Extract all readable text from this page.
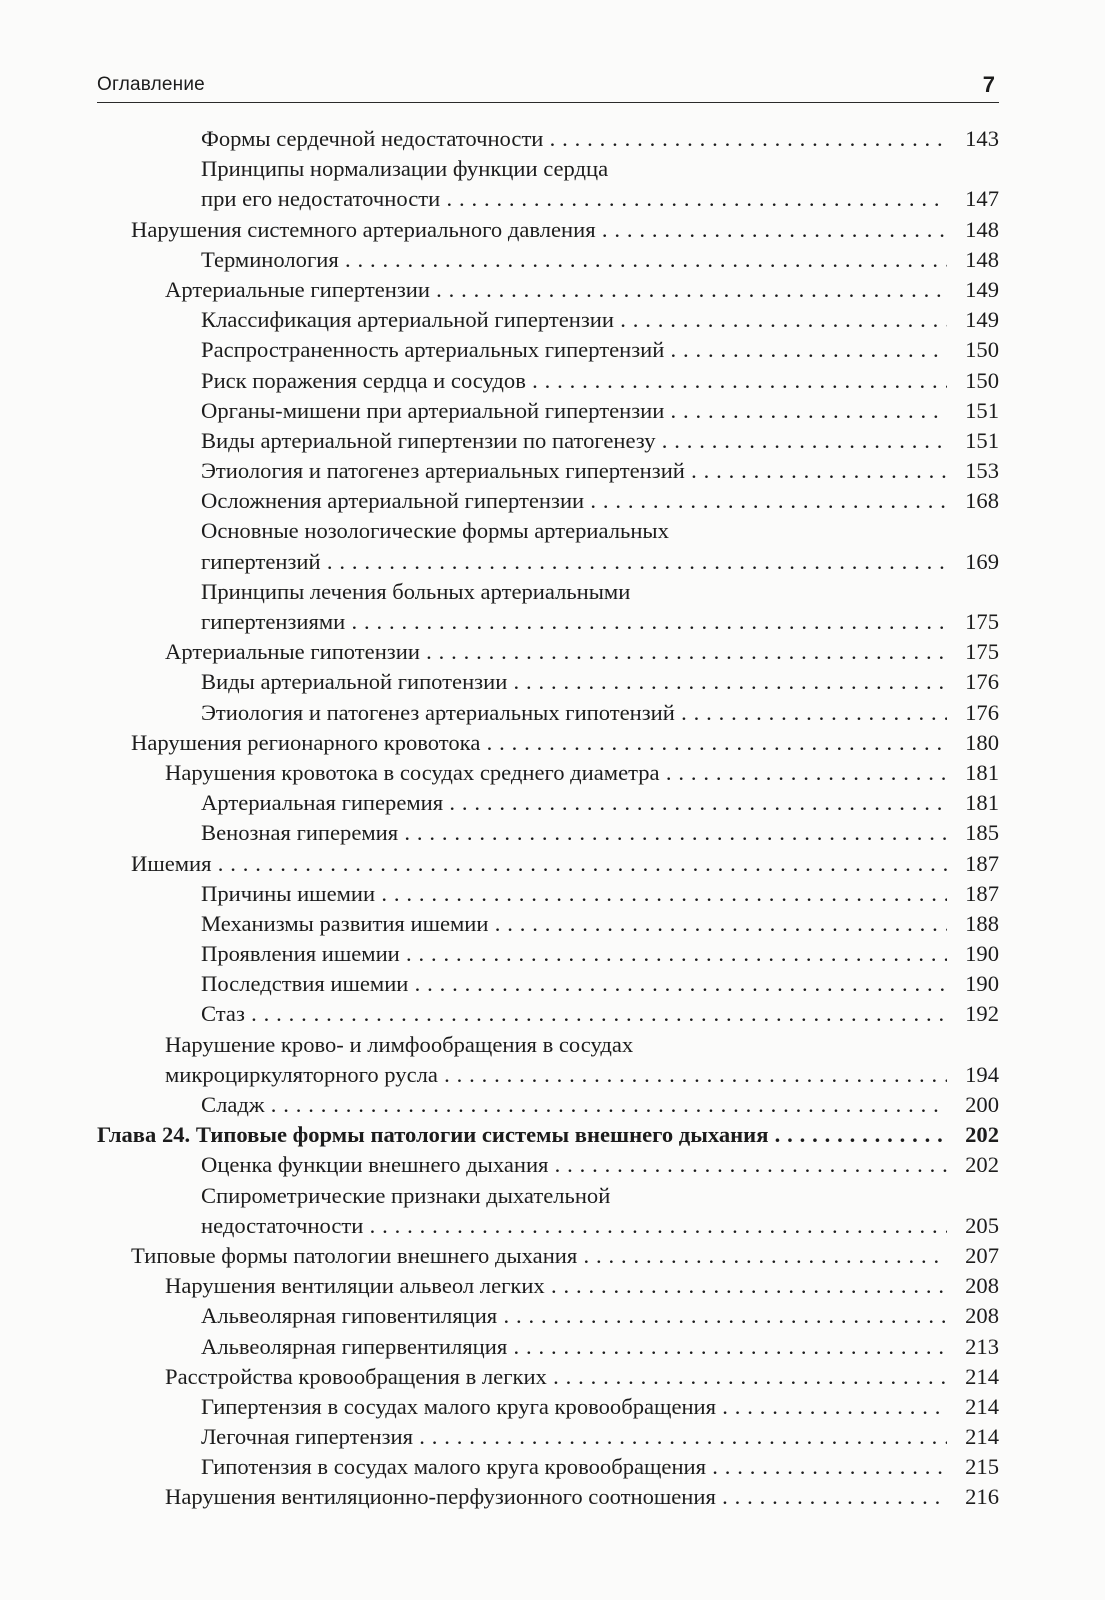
Оглавление	7
Формы сердечной недостаточности . . .	143
Принципы нормализации функции сердца
при его недостаточности . . .	147
Нарушения системного артериального давления . . .	148
Терминология . . .	148
Артериальные гипертензии . . .	149
Классификация артериальной гипертензии . . .	149
Распространенность артериальных гипертензий . . .	150
Риск поражения сердца и сосудов . . .	150
Органы-мишени при артериальной гипертензии . . .	151
Виды артериальной гипертензии по патогенезу . . .	151
Этиология и патогенез артериальных гипертензий . . .	153
Осложнения артериальной гипертензии . . .	168
Основные нозологические формы артериальных
гипертензий . . .	169
Принципы лечения больных артериальными
гипертензиями . . .	175
Артериальные гипотензии . . .	175
Виды артериальной гипотензии . . .	176
Этиология и патогенез артериальных гипотензий . . .	176
Нарушения регионарного кровотока . . .	180
Нарушения кровотока в сосудах среднего диаметра . . .	181
Артериальная гиперемия . . .	181
Венозная гиперемия . . .	185
Ишемия . . .	187
Причины ишемии . . .	187
Механизмы развития ишемии . . .	188
Проявления ишемии . . .	190
Последствия ишемии . . .	190
Стаз . . .	192
Нарушение крово- и лимфообращения в сосудах
микроциркуляторного русла . . .	194
Сладж . . .	200
Глава 24. Типовые формы патологии системы внешнего дыхания . . .	202
Оценка функции внешнего дыхания . . .	202
Спирометрические признаки дыхательной
недостаточности . . .	205
Типовые формы патологии внешнего дыхания . . .	207
Нарушения вентиляции альвеол легких . . .	208
Альвеолярная гиповентиляция . . .	208
Альвеолярная гипервентиляция . . .	213
Расстройства кровообращения в легких . . .	214
Гипертензия в сосудах малого круга кровообращения . . .	214
Легочная гипертензия . . .	214
Гипотензия в сосудах малого круга кровообращения . . .	215
Нарушения вентиляционно-перфузионного соотношения . . .	216
